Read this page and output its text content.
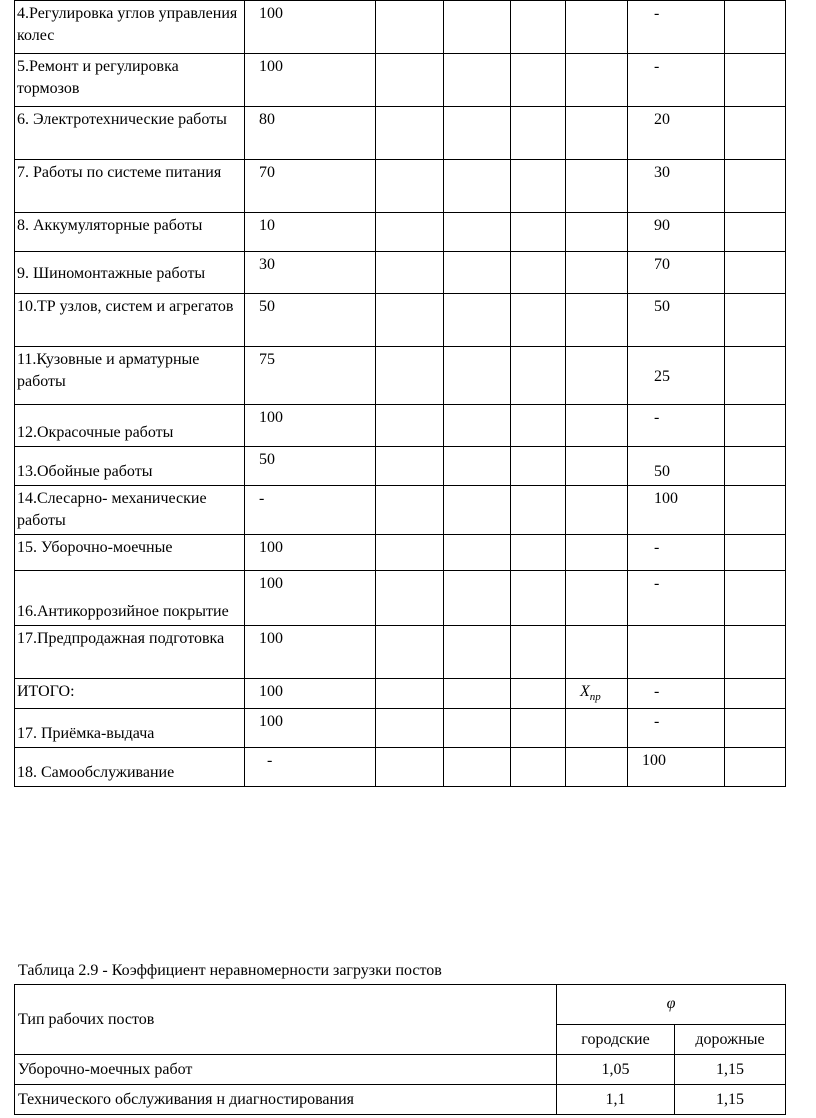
4.Регулировка углов управления колес	100					-	
5.Ремонт и регулировка тормозов	100					-	
6. Электротехнические работы	80					20	
7. Работы по системе питания	70					30	
8. Аккумуляторные работы	10					90	
9. Шиномонтажные работы	30					70	
10.ТР узлов, систем и агрегатов	50					50	
11.Кузовные и арматурные работы	75					25	
12.Окрасочные работы	100					-	
13.Обойные работы	50					50	
14.Слесарно- механические работы	-					100	
15. Уборочно-моечные	100					-	
16.Антикоррозийное покрытие	100					-	
17.Предпродажная подготовка	100						
ИТОГО:	100				$X_{пр}$	-	
17. Приёмка-выдача	100					-	
18. Самообслуживание	-					100	
Таблица 2.9 - Коэффициент неравномерности загрузки постов
Тип рабочих постов	φ	
	городские	дорожные
Уборочно-моечных работ	1,05	1,15
Технического обслуживания н диагностирования	1,1	1,15
